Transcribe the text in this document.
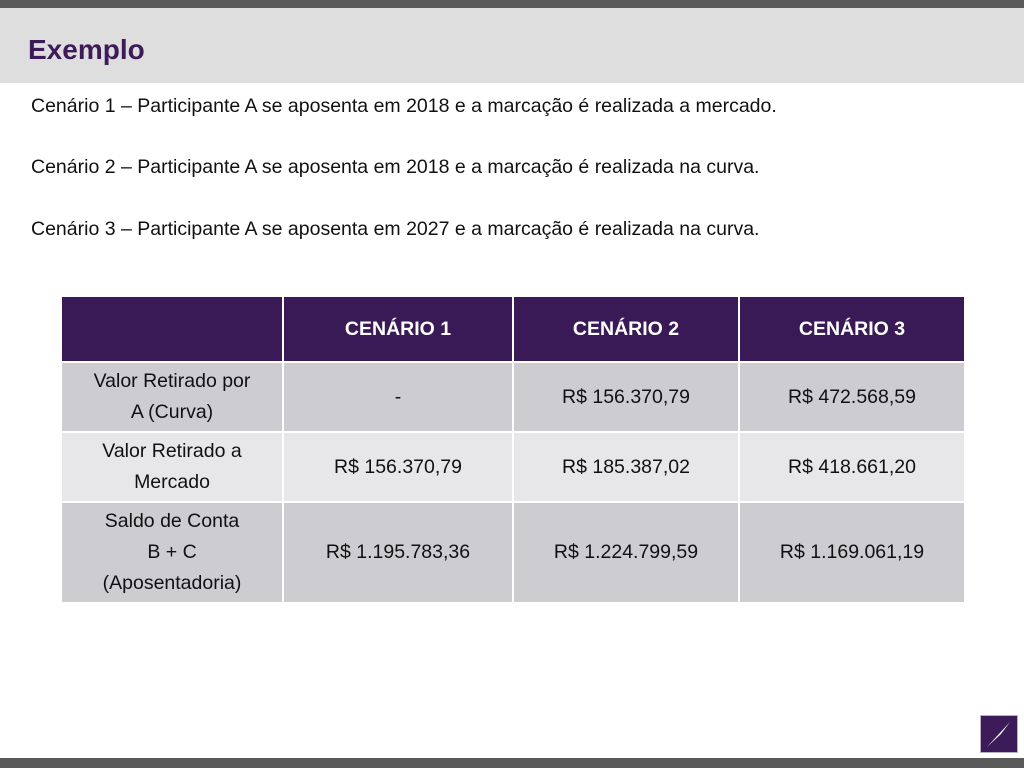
Exemplo
Cenário 1 – Participante A se aposenta em 2018 e a marcação é realizada a mercado.
Cenário 2 – Participante A se aposenta em 2018 e a marcação é realizada na curva.
Cenário 3 – Participante A se aposenta em 2027 e a marcação é realizada na curva.
	CENÁRIO 1	CENÁRIO 2	CENÁRIO 3

Valor Retirado por
A (Curva)	-	R$ 156.370,79	R$ 472.568,59

Valor Retirado a
Mercado	R$ 156.370,79	R$ 185.387,02	R$ 418.661,20

Saldo de Conta
B + C
(Aposentadoria)	R$ 1.195.783,36	R$ 1.224.799,59	R$ 1.169.061,19
